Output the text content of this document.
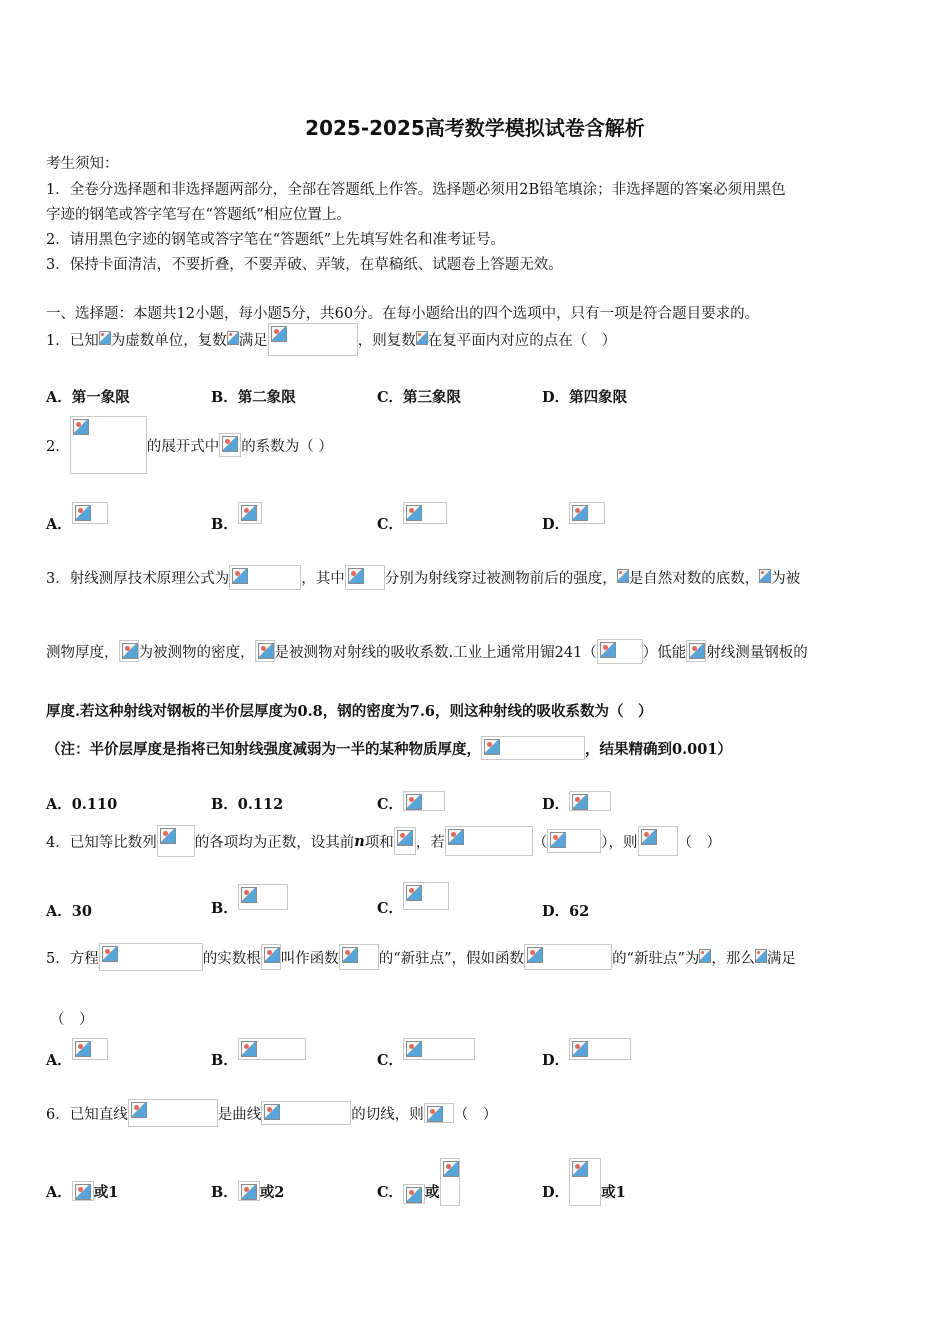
2025-2025高考数学模拟试卷含解析
考生须知：
1．全卷分选择题和非选择题两部分，全部在答题纸上作答。选择题必须用2B铅笔填涂；非选择题的答案必须用黑色
字迹的钢笔或答字笔写在“答题纸”相应位置上。
2．请用黑色字迹的钢笔或答字笔在“答题纸”上先填写姓名和准考证号。
3．保持卡面清洁，不要折叠，不要弄破、弄皱，在草稿纸、试题卷上答题无效。
一、选择题：本题共12小题，每小题5分，共60分。在每小题给出的四个选项中，只有一项是符合题目要求的。
1．已知 为虚数单位，复数 满足	，则复数 在复平面内对应的点在（　）
A．第一象限	B．第二象限	C．第三象限	D．第四象限
2．	的展开式中 的系数为（ ）
A．	B．	C．	D．
3．射线测厚技术原理公式为	，其中	分别为射线穿过被测物前后的强度， 是自然对数的底数， 为被
测物厚度， 为被测物的密度， 是被测物对射线的吸收系数.工业上通常用镅241（	）低能 射线测量钢板的
厚度.若这种射线对钢板的半价层厚度为0.8，钢的密度为7.6，则这种射线的吸收系数为（　）
（注：半价层厚度是指将已知射线强度减弱为一半的某种物质厚度，	，结果精确到0.001）
A．0.110	B．0.112	C．	D．
4．已知等比数列	的各项均为正数，设其前 n 项和 ，若	（	），则	（　）
A．30	B．	C．	D．62
5．方程	的实数根 叫作函数	的“新驻点”，假如函数	的“新驻点”为 ，那么 满足
（　）
A．	B．	C．	D．
6．已知直线	是曲线	的切线，则 （　）
A． 或1	B． 或2	C． 或	D． 或1
